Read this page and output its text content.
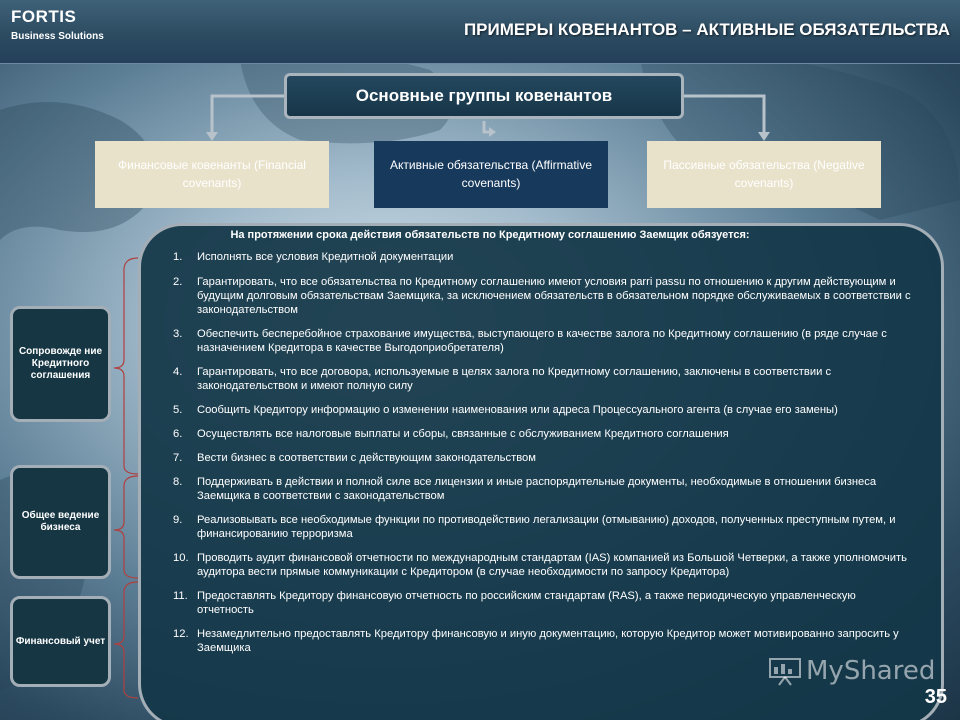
FORTIS
Business Solutions	ПРИМЕРЫ КОВЕНАНТОВ – АКТИВНЫЕ ОБЯЗАТЕЛЬСТВА
Основные группы ковенантов
Финансовые ковенанты (Financial covenants)
Активные обязательства (Affirmative covenants)
Пассивные обязательства (Negative covenants)
На протяжении срока действия обязательств по Кредитному соглашению Заемщик обязуется:
1.	Исполнять все условия Кредитной документации
2.	Гарантировать, что все обязательства по Кредитному соглашению имеют условия parri passu по отношению к другим действующим и будущим долговым обязательствам Заемщика, за исключением обязательств в обязательном порядке обслуживаемых в соответствии с законодательством
3.	Обеспечить бесперебойное страхование имущества, выступающего в качестве залога по Кредитному соглашению (в ряде случае с назначением Кредитора в качестве Выгодоприобретателя)
4.	Гарантировать, что все договора, используемые в целях залога по Кредитному соглашению, заключены в соответствии с законодательством и имеют полную силу
5.	Сообщить Кредитору информацию о изменении наименования или адреса Процессуального агента (в случае его замены)
6.	Осуществлять все налоговые выплаты и сборы, связанные с обслуживанием Кредитного соглашения
7.	Вести бизнес в соответствии с действующим законодательством
8.	Поддерживать в действии и полной силе все лицензии и иные распорядительные документы, необходимые в отношении бизнеса Заемщика в соответствии с законодательством
9.	Реализовывать все необходимые функции по противодействию легализации (отмыванию) доходов, полученных преступным путем, и финансированию терроризма
10. Проводить аудит финансовой отчетности по международным стандартам (IAS) компанией из Большой Четверки, а также уполномочить аудитора вести прямые коммуникации с Кредитором (в случае необходимости по запросу Кредитора)
11. Предоставлять Кредитору финансовую отчетность по российским стандартам (RAS), а также периодическую управленческую отчетность
12. Незамедлительно предоставлять Кредитору финансовую и иную документацию, которую Кредитор может мотивированно запросить у Заемщика
Сопровожде ние Кредитного соглашения
Общее ведение бизнеса
Финансовый учет
MyShared
35
